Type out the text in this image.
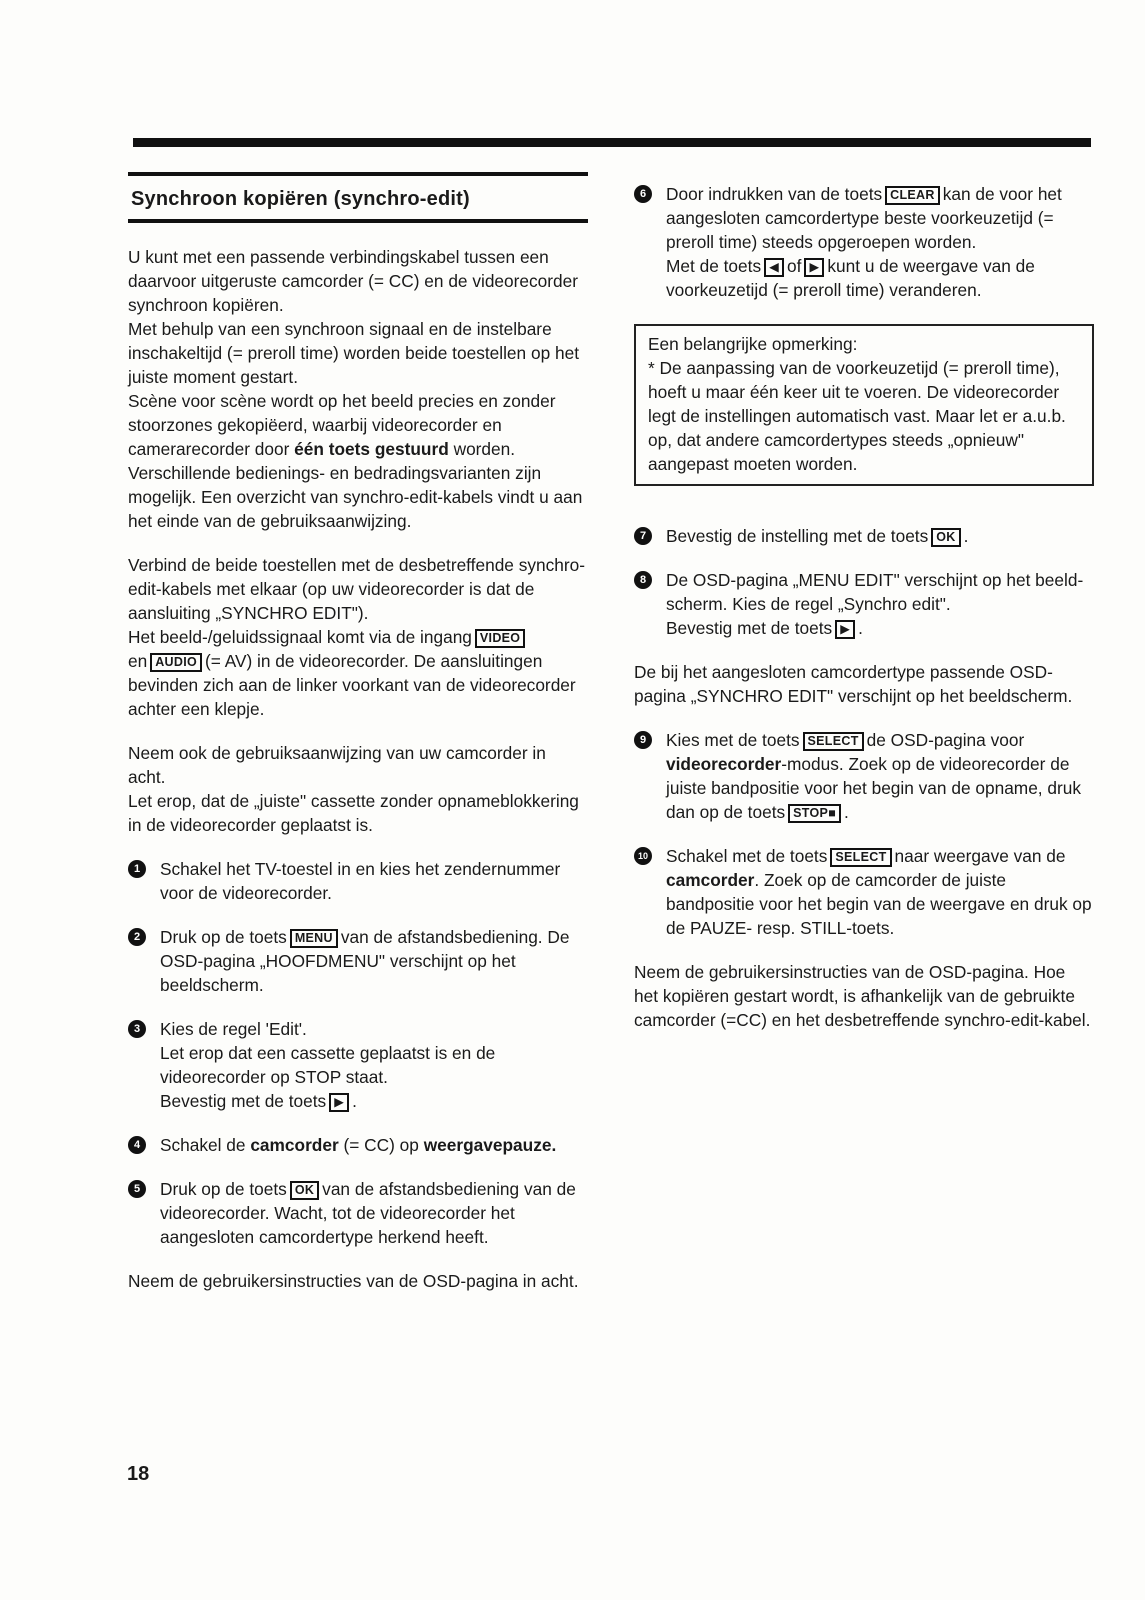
Synchroon kopiëren (synchro-edit)

U kunt met een passende verbindingskabel tussen een daarvoor uitgeruste camcorder (= CC) en de videorecorder synchroon kopiëren.

Met behulp van een synchroon signaal en de instelbare inschakeltijd (= preroll time) worden beide toestellen op het juiste moment gestart.

Scène voor scène wordt op het beeld precies en zonder stoorzones gekopiëerd, waarbij videorecorder en camerarecorder door één toets gestuurd worden.

Verschillende bedienings- en bedradingsvarianten zijn mogelijk. Een overzicht van synchro-edit-kabels vindt u aan het einde van de gebruiksaanwijzing.

Verbind de beide toestellen met de desbetreffende synchro-edit-kabels met elkaar (op uw videorecorder is dat de aansluiting „SYNCHRO EDIT").

Het beeld-/geluidssignaal komt via de ingang VIDEO
en AUDIO (= AV) in de videorecorder. De aansluitingen bevinden zich aan de linker voorkant van de videorecorder achter een klepje.

Neem ook de gebruiksaanwijzing van uw camcorder in acht.

Let erop, dat de „juiste" cassette zonder opnameblokkering in de videorecorder geplaatst is.

1	Schakel het TV-toestel in en kies het zendernummer voor de videorecorder.

2	Druk op de toets MENU van de afstandsbediening. De OSD-pagina „HOOFDMENU" verschijnt op het beeldscherm.

3	Kies de regel 'Edit'.

Let erop dat een cassette geplaatst is en de videorecorder op STOP staat.

Bevestig met de toets ▶ .

4	Schakel de camcorder (= CC) op weergavepauze.

5	Druk op de toets OK van de afstandsbediening van de videorecorder. Wacht, tot de videorecorder het aangesloten camcordertype herkend heeft.

Neem de gebruikersinstructies van de OSD-pagina in acht.

6	Door indrukken van de toets CLEAR kan de voor het aangesloten camcordertype beste voorkeuzetijd (= preroll time) steeds opgeroepen worden.

Met de toets ◀ of ▶ kunt u de weergave van de voorkeuzetijd (= preroll time) veranderen.

Een belangrijke opmerking:

* De aanpassing van de voorkeuzetijd (= preroll time), hoeft u maar één keer uit te voeren. De videorecorder legt de instellingen automatisch vast. Maar let er a.u.b. op, dat andere camcordertypes steeds „opnieuw" aangepast moeten worden.

7	Bevestig de instelling met de toets OK .

8	De OSD-pagina „MENU EDIT" verschijnt op het beeld-scherm. Kies de regel „Synchro edit".

Bevestig met de toets ▶ .

De bij het aangesloten camcordertype passende OSD-pagina „SYNCHRO EDIT" verschijnt op het beeldscherm.

9	Kies met de toets SELECT de OSD-pagina voor videorecorder-modus. Zoek op de videorecorder de juiste bandpositie voor het begin van de opname, druk dan op de toets STOP■ .

10 Schakel met de toets SELECT naar weergave van de camcorder. Zoek op de camcorder de juiste bandpositie voor het begin van de weergave en druk op de PAUZE- resp. STILL-toets.

Neem de gebruikersinstructies van de OSD-pagina. Hoe het kopiëren gestart wordt, is afhankelijk van de gebruikte camcorder (=CC) en het desbetreffende synchro-edit-kabel.

18
